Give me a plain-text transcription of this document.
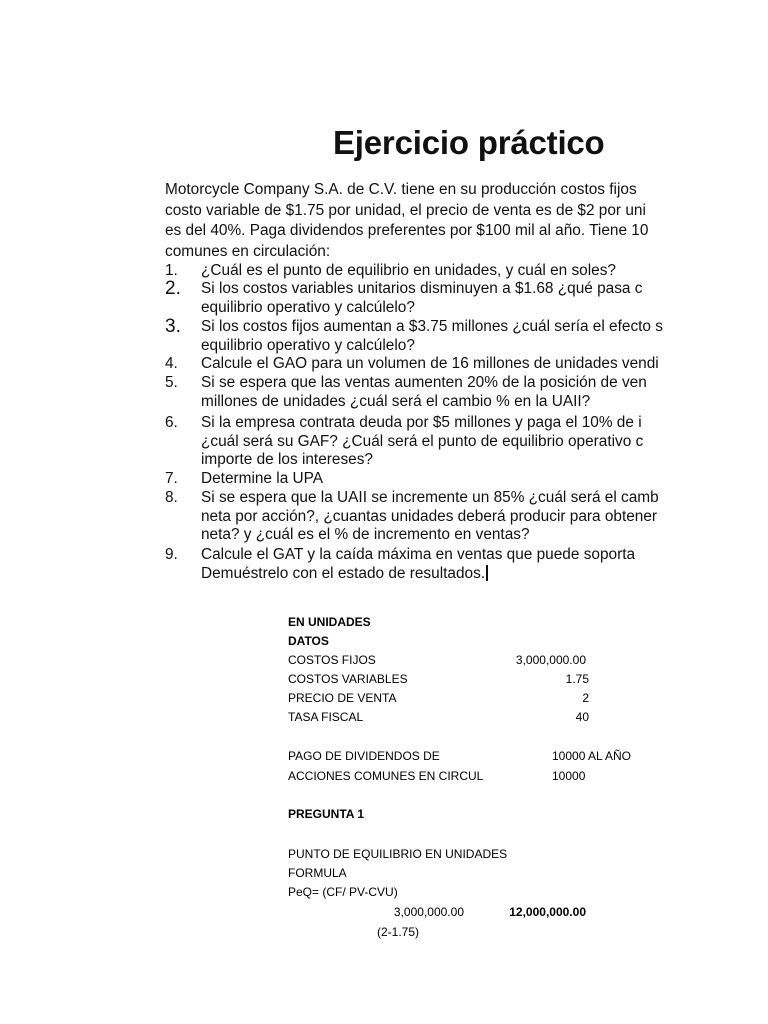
Ejercicio práctico
Motorcycle Company S.A. de C.V. tiene en su producción costos fijos
costo variable de $1.75 por unidad, el precio de venta es de $2 por uni
es del 40%. Paga dividendos preferentes por $100 mil al año. Tiene 10
comunes en circulación:
1. ¿Cuál es el punto de equilibrio en unidades, y cuál en soles?
2. Si los costos variables unitarios disminuyen a $1.68 ¿qué pasa c
equilibrio operativo y calcúlelo?
3. Si los costos fijos aumentan a $3.75 millones ¿cuál sería el efecto s
equilibrio operativo y calcúlelo?
4. Calcule el GAO para un volumen de 16 millones de unidades vendi
5. Si se espera que las ventas aumenten 20% de la posición de ven
millones de unidades ¿cuál será el cambio % en la UAII?
6. Si la empresa contrata deuda por $5 millones y paga el 10% de i
¿cuál será su GAF? ¿Cuál será el punto de equilibrio operativo c
importe de los intereses?
7. Determine la UPA
8. Si se espera que la UAII se incremente un 85% ¿cuál será el camb
neta por acción?, ¿cuantas unidades deberá producir para obtener
neta? y ¿cuál es el % de incremento en ventas?
9. Calcule el GAT y la caída máxima en ventas que puede soporta
Demuéstrelo con el estado de resultados.
EN UNIDADES
DATOS
COSTOS FIJOS	3,000,000.00
COSTOS VARIABLES	1.75
PRECIO DE VENTA	2
TASA FISCAL	40
PAGO DE DIVIDENDOS DE	10000 AL AÑO
ACCIONES COMUNES EN CIRCUL	10000
PREGUNTA 1
PUNTO DE EQUILIBRIO EN UNIDADES
FORMULA
PeQ= (CF/ PV-CVU)
3,000,000.00	12,000,000.00
(2-1.75)
